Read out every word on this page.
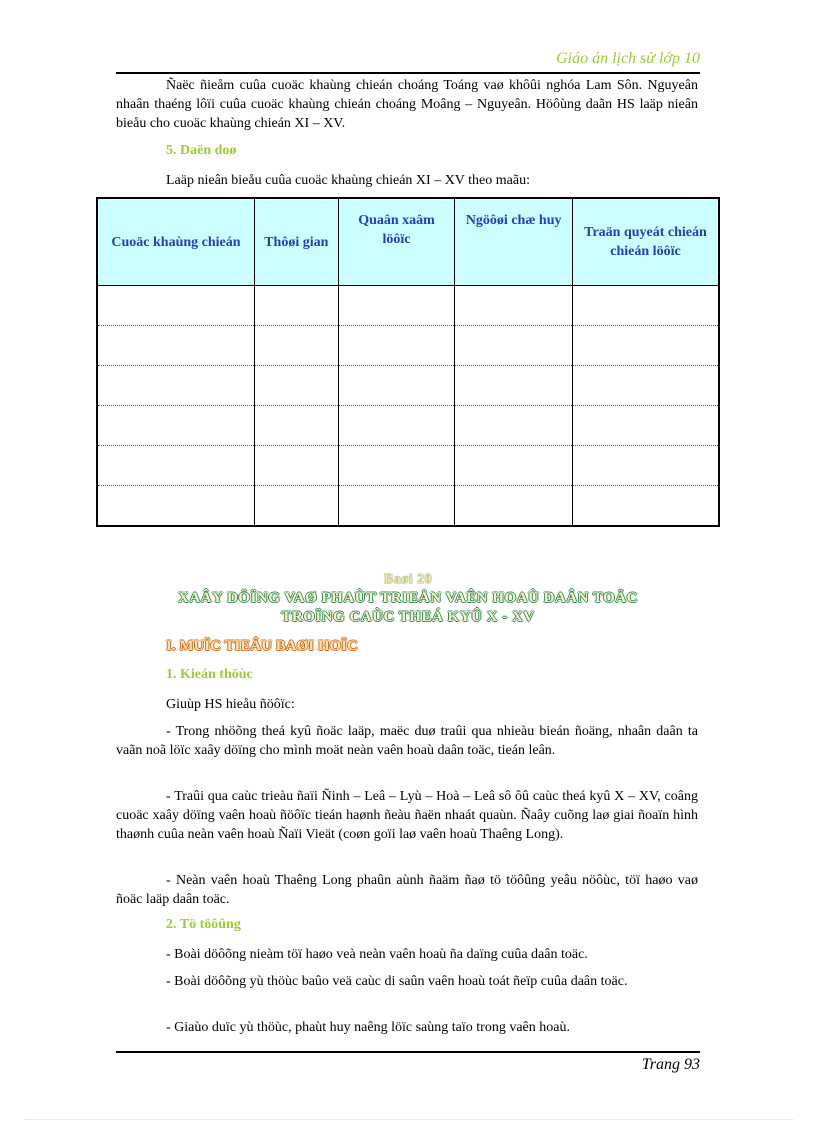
Giáo án lịch sử lớp 10

Ñaëc ñieåm cuûa cuoäc khaùng chieán choáng Toáng vaø khôûi nghóa Lam Sôn. Nguyeân nhaân thaéng lôïi cuûa cuoäc khaùng chieán choáng Moâng – Nguyeân. Höôùng daãn HS laäp nieân bieåu cho cuoäc khaùng chieán XI – XV.

5. Daën doø

Laäp nieân bieåu cuûa cuoäc khaùng chieán XI – XV theo maãu:

Cuoäc khaùng chieán	Thôøi gian	Quaân xaâm löôïc	Ngöôøi chæ huy	Traän quyeát chieán chieán löôïc

Baøi 20
XAÂY DÖÏNG VAØ PHAÙT TRIEÅN VAÊN HOAÙ DAÂN TOÄC
TROÏNG CAÙC THEÁ KYÛ X - XV
I. MUÏC TIEÂU BAØI HOÏC
1. Kieán thöùc

Giuùp HS hieåu ñöôïc:

- Trong nhöõng theá kyû ñoäc laäp, maëc duø traûi qua nhieàu bieán ñoäng, nhaân daân ta vaãn noã löïc xaây döïng cho mình moät neàn vaên hoaù daân toäc, tieán leân.

- Traûi qua caùc trieàu ñaïi Ñinh – Leâ – Lyù – Hoà – Leâ sô ôû caùc theá kyû X – XV, coâng cuoäc xaây döïng vaên hoaù ñöôïc tieán haønh ñeàu ñaën nhaát quaùn. Ñaây cuõng laø giai ñoaïn hình thaønh cuûa neàn vaên hoaù Ñaïi Vieät (coøn goïi laø vaên hoaù Thaêng Long).

- Neàn vaên hoaù Thaêng Long phaûn aùnh ñaäm ñaø tö töôûng yeâu nöôùc, töï haøo vaø ñoäc laäp daân toäc.

2. Tö töôûng

- Boài döôõng nieàm töï haøo veà neàn vaên hoaù ña daïng cuûa daân toäc.

- Boài döôõng yù thöùc baûo veä caùc di saûn vaên hoaù toát ñeïp cuûa daân toäc.

- Giaùo duïc yù thöùc, phaùt huy naêng löïc saùng taïo trong vaên hoaù.

Trang 93
